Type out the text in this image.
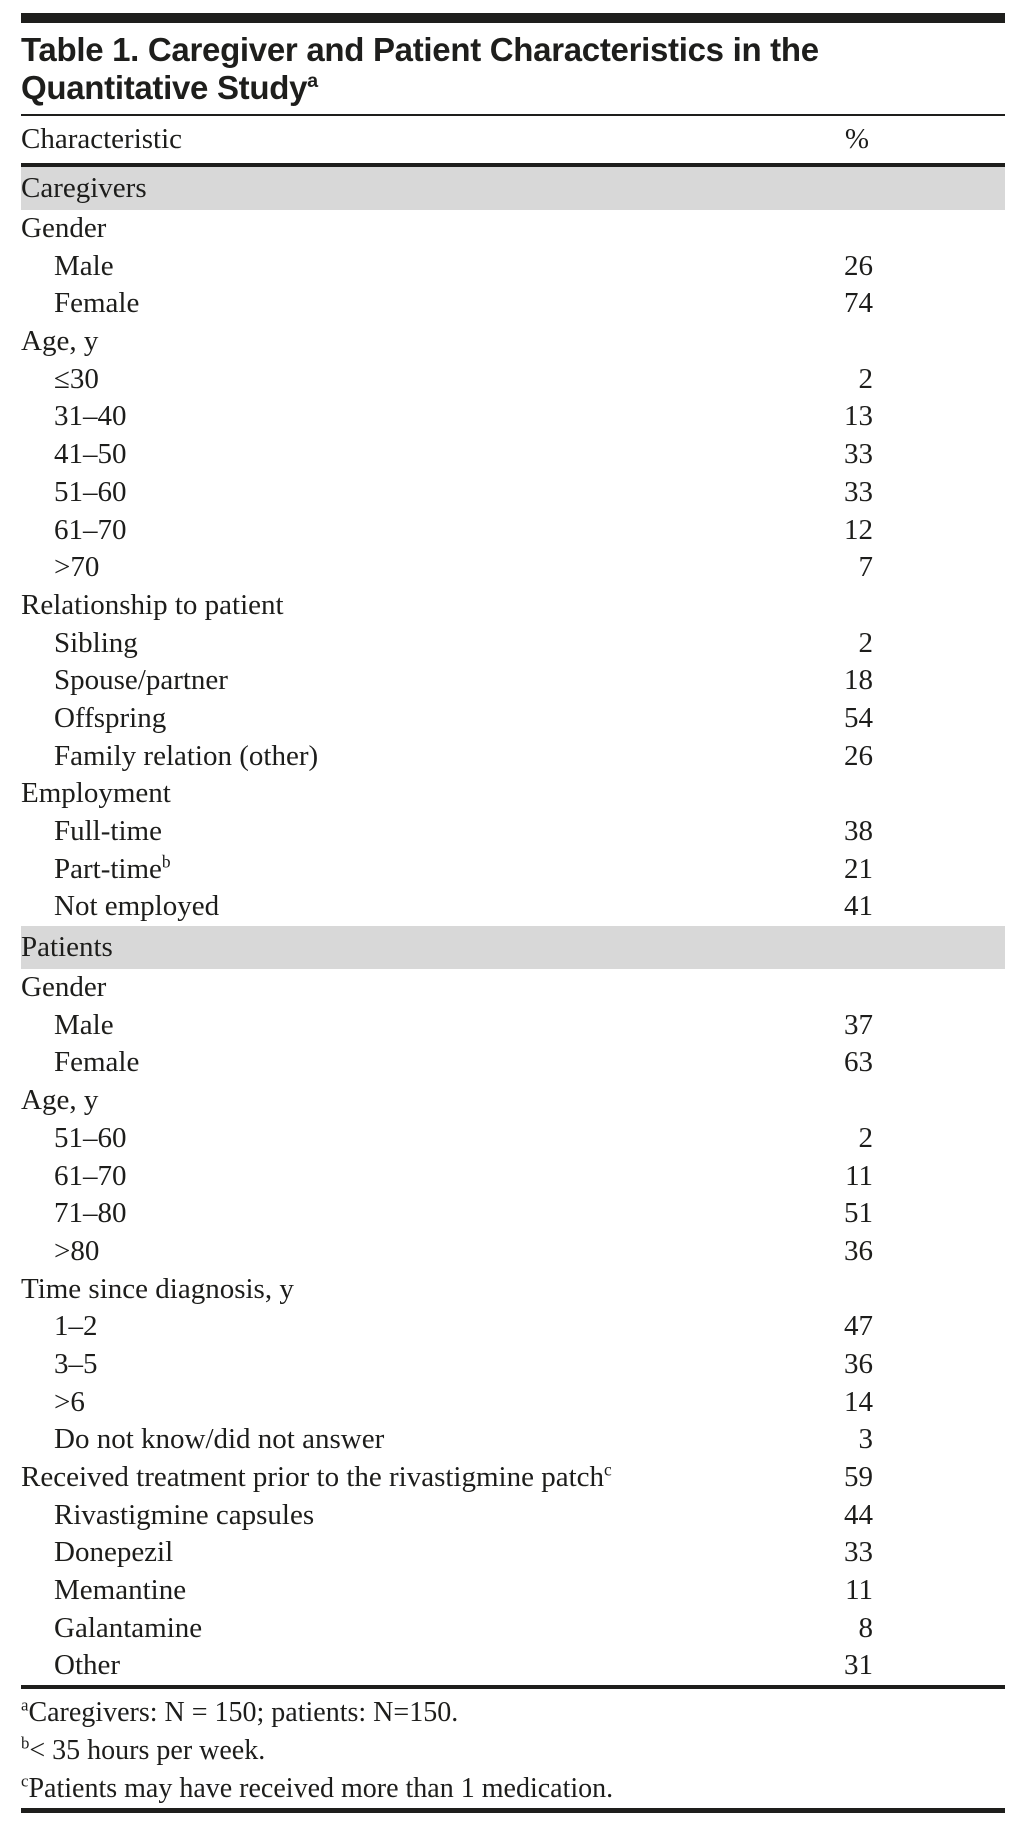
Table 1. Caregiver and Patient Characteristics in the
Quantitative Study$^a$
Characteristic	%
Caregivers
Gender
Male	26
Female	74
Age, y
≤30	2
31–40	13
41–50	33
51–60	33
61–70	12
>70	7
Relationship to patient
Sibling	2
Spouse/partner	18
Offspring	54
Family relation (other)	26
Employment
Full-time	38
Part-time$^b$	21
Not employed	41
Patients
Gender
Male	37
Female	63
Age, y
51–60	2
61–70	11
71–80	51
>80	36
Time since diagnosis, y
1–2	47
3–5	36
>6	14
Do not know/did not answer	3
Received treatment prior to the rivastigmine patch$^c$	59
Rivastigmine capsules	44
Donepezil	33
Memantine	11
Galantamine	8
Other	31
$^a$Caregivers: N = 150; patients: N=150.
$^b$< 35 hours per week.
$^c$Patients may have received more than 1 medication.
